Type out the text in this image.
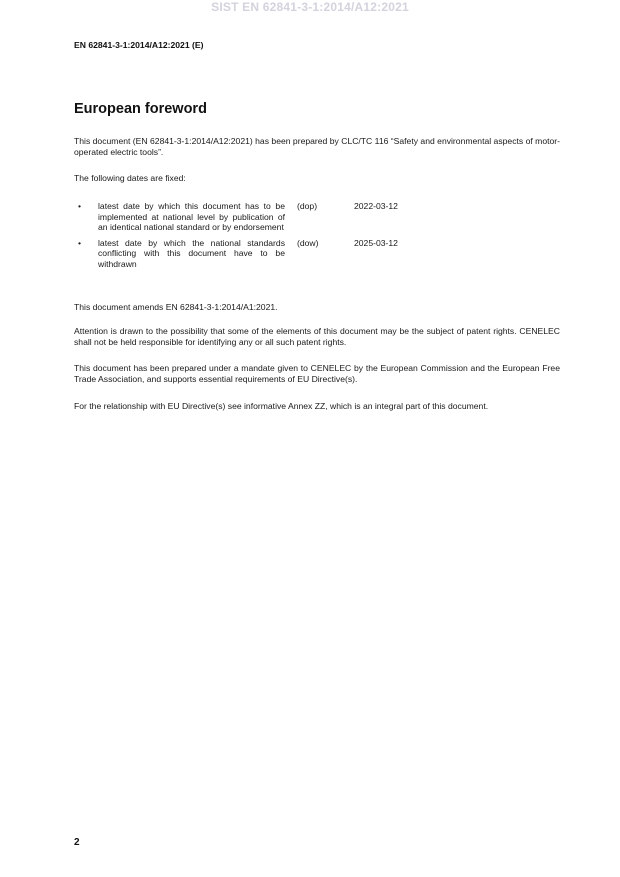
SIST EN 62841-3-1:2014/A12:2021
EN 62841-3-1:2014/A12:2021 (E)
European foreword

This document (EN 62841-3-1:2014/A12:2021) has been prepared by CLC/TC 116 “Safety and environmental aspects of motor-operated electric tools”.

The following dates are fixed:

• latest date by which this document has to be implemented at national level by publication of an identical national standard or by endorsement
(dop)	2022-03-12
• latest date by which the national standards conflicting with this document have to be withdrawn
(dow)	2025-03-12

This document amends EN 62841-3-1:2014/A1:2021.

Attention is drawn to the possibility that some of the elements of this document may be the subject of patent rights. CENELEC shall not be held responsible for identifying any or all such patent rights.

This document has been prepared under a mandate given to CENELEC by the European Commission and the European Free Trade Association, and supports essential requirements of EU Directive(s).

For the relationship with EU Directive(s) see informative Annex ZZ, which is an integral part of this document.

2
